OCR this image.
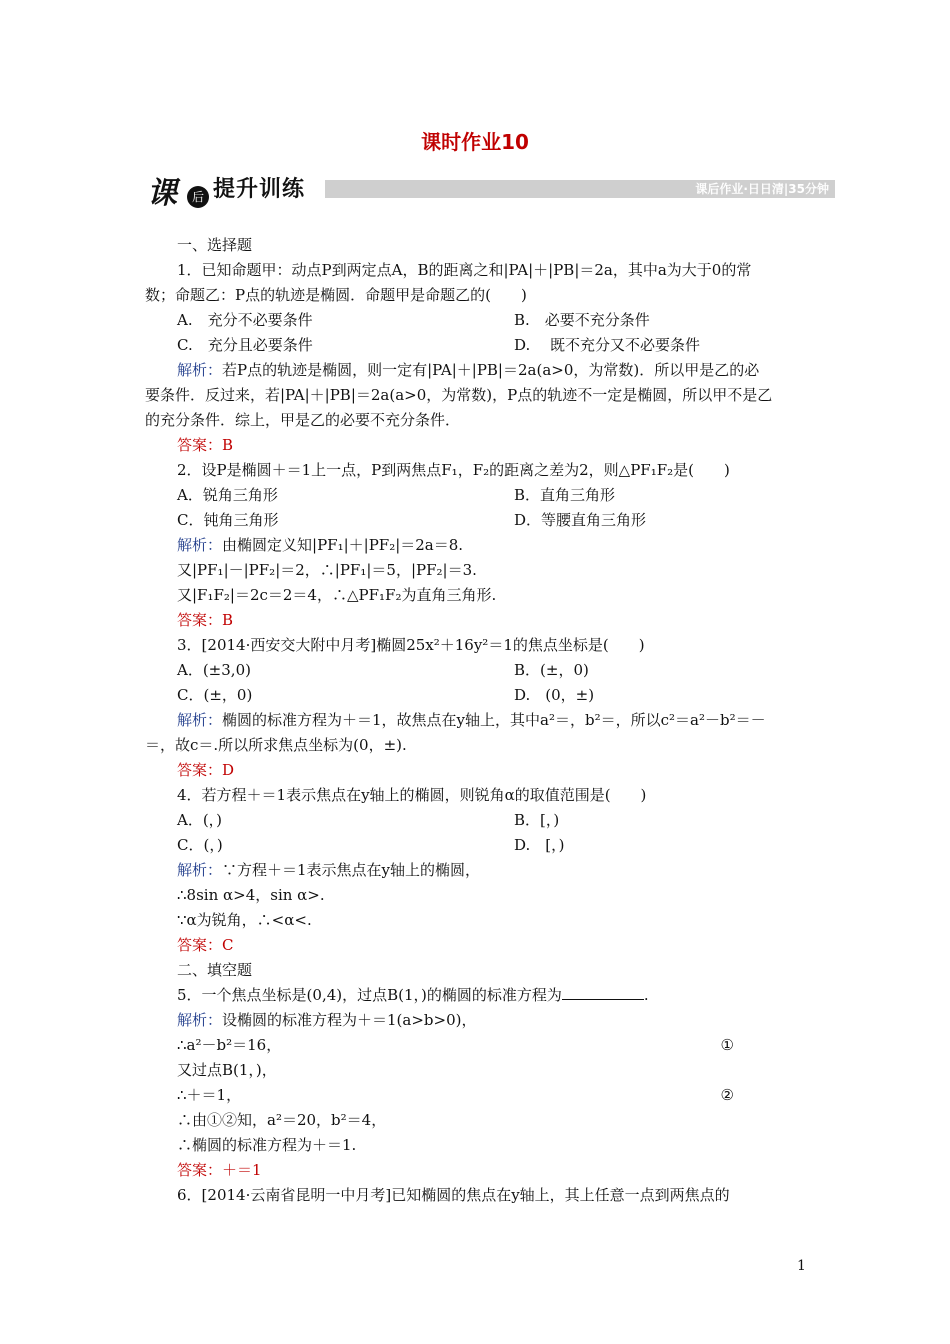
课时作业10
课	后 提升训练	课后作业·日日清|35分钟
一、选择题
1．已知命题甲：动点P到两定点A，B的距离之和|PA|＋|PB|＝2a，其中a为大于0的常
数；命题乙：P点的轨迹是椭圆．命题甲是命题乙的(　　)
A.　充分不必要条件	B.　必要不充分条件
C.　充分且必要条件	D.　 既不充分又不必要条件
解析：若P点的轨迹是椭圆，则一定有|PA|＋|PB|＝2a(a>0，为常数)．所以甲是乙的必
要条件．反过来，若|PA|＋|PB|＝2a(a>0，为常数)，P点的轨迹不一定是椭圆，所以甲不是乙
的充分条件．综上，甲是乙的必要不充分条件．
答案：B
2．设P是椭圆＋＝1上一点，P到两焦点F₁，F₂的距离之差为2，则△PF₁F₂是(　　)
A．锐角三角形	B．直角三角形
C．钝角三角形	D．等腰直角三角形
解析：由椭圆定义知|PF₁|＋|PF₂|＝2a＝8.
又|PF₁|－|PF₂|＝2，∴|PF₁|＝5，|PF₂|＝3.
又|F₁F₂|＝2c＝2＝4，∴△PF₁F₂为直角三角形.
答案：B
3．[2014·西安交大附中月考]椭圆25x²＋16y²＝1的焦点坐标是(　　)
A．(±3,0)	B．(±，0)
C．(±，0)	D.　(0，±)
解析：椭圆的标准方程为＋＝1，故焦点在y轴上，其中a²＝，b²＝，所以c²＝a²－b²＝－
＝，故c＝.所以所求焦点坐标为(0，±).
答案：D
4．若方程＋＝1表示焦点在y轴上的椭圆，则锐角α的取值范围是(　　)
A．(，)	B．[，)
C．(，)	D.　[，)
解析：∵方程＋＝1表示焦点在y轴上的椭圆，
∴8sin α>4，sin α>.
∵α为锐角，∴<α<.
答案：C
二、填空题
5．一个焦点坐标是(0,4)，过点B(1，)的椭圆的标准方程为	.
解析：设椭圆的标准方程为＋＝1(a>b>0)，
∴a²－b²＝16，	①
又过点B(1，)，
∴＋＝1，	②
∴由①②知，a²＝20，b²＝4，
∴椭圆的标准方程为＋＝1.
答案：＋＝1
6．[2014·云南省昆明一中月考]已知椭圆的焦点在y轴上，其上任意一点到两焦点的
1
